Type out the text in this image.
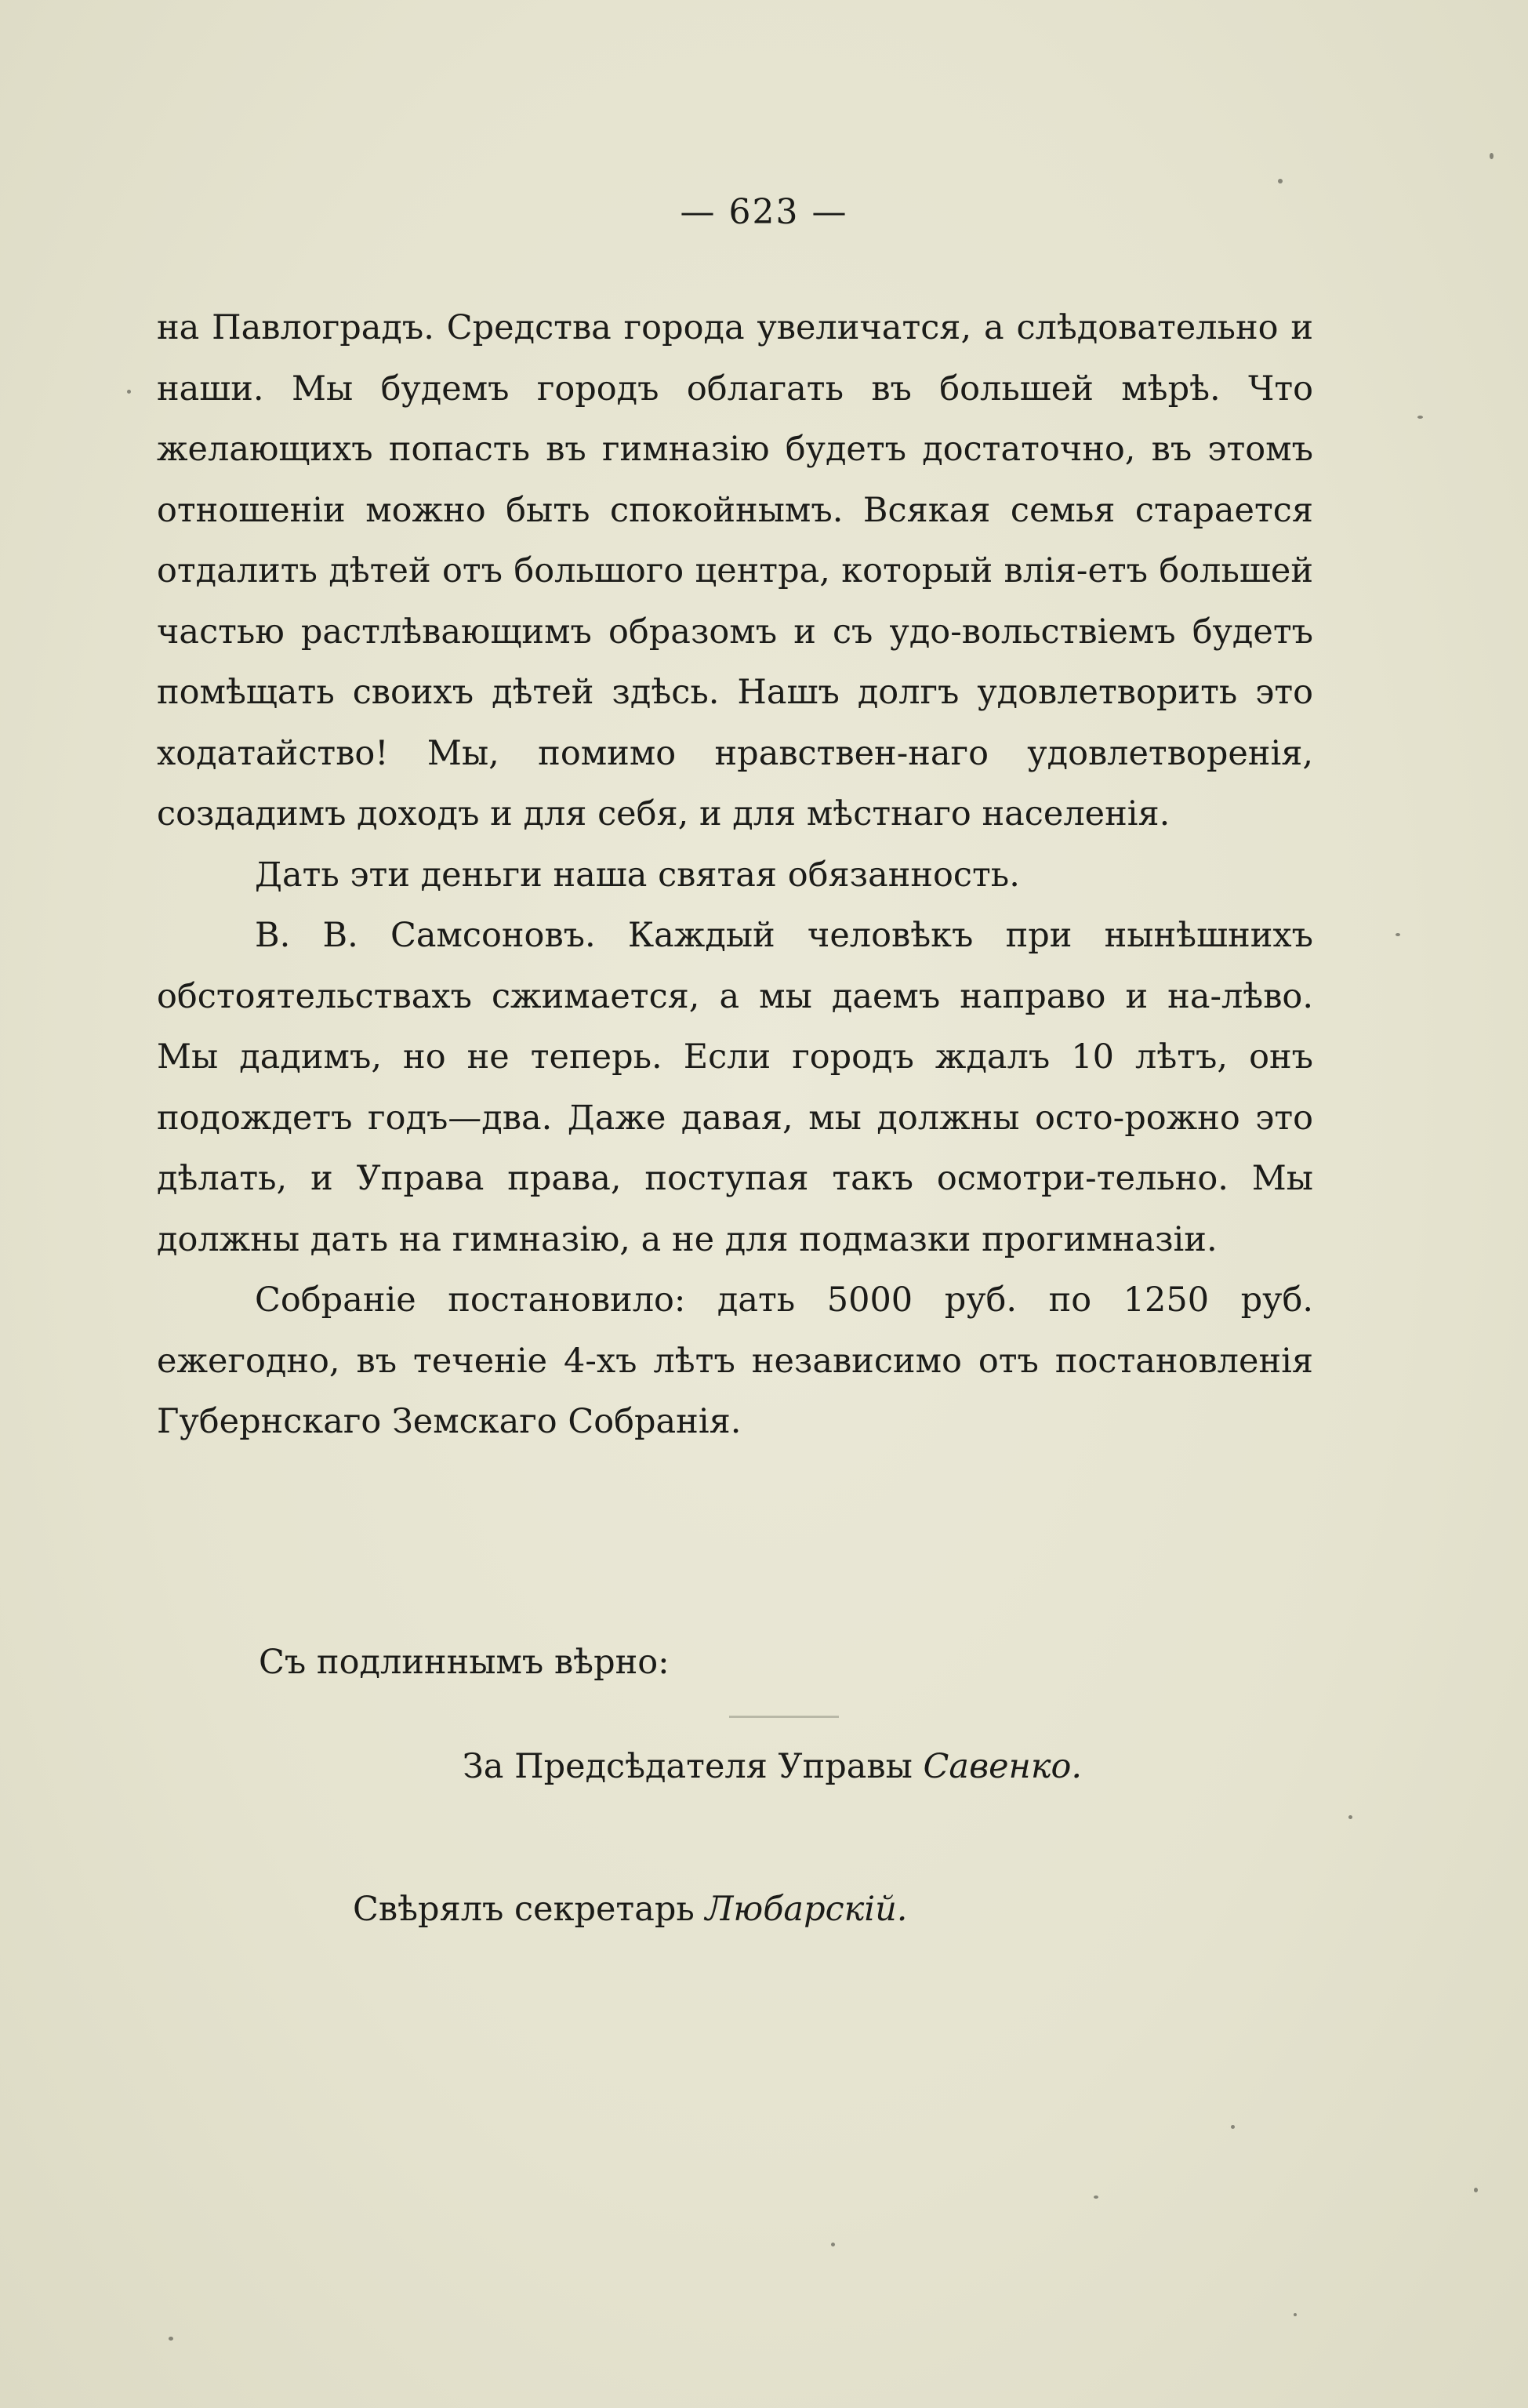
— 623 —

на Павлоградъ. Средства города увеличатся, а слѣдовательно и наши. Мы будемъ городъ облагать въ большей мѣрѣ. Что желающихъ попасть въ гимназію будетъ достаточно, въ этомъ отношеніи можно быть спокойнымъ. Всякая семья старается отдалить дѣтей отъ большого центра, который влія-етъ большей частью растлѣвающимъ образомъ и съ удо-вольствіемъ будетъ помѣщать своихъ дѣтей здѣсь. Нашъ долгъ удовлетворить это ходатайство! Мы, помимо нравствен-наго удовлетворенія, создадимъ доходъ и для себя, и для мѣстнаго населенія.

Дать эти деньги наша святая обязанность.

В. В. Самсоновъ. Каждый человѣкъ при нынѣшнихъ обстоятельствахъ сжимается, а мы даемъ направо и на-лѣво. Мы дадимъ, но не теперь. Если городъ ждалъ 10 лѣтъ, онъ подождетъ годъ—два. Даже давая, мы должны осто-рожно это дѣлать, и Управа права, поступая такъ осмотри-тельно. Мы должны дать на гимназію, а не для подмазки прогимназіи.

Собраніе постановило: дать 5000 руб. по 1250 руб. ежегодно, въ теченіе 4-хъ лѣтъ независимо отъ постановленія Губернскаго Земскаго Собранія.

Съ подлиннымъ вѣрно:
За Предсѣдателя Управы Савенко.
Свѣрялъ секретарь Любарскій.
